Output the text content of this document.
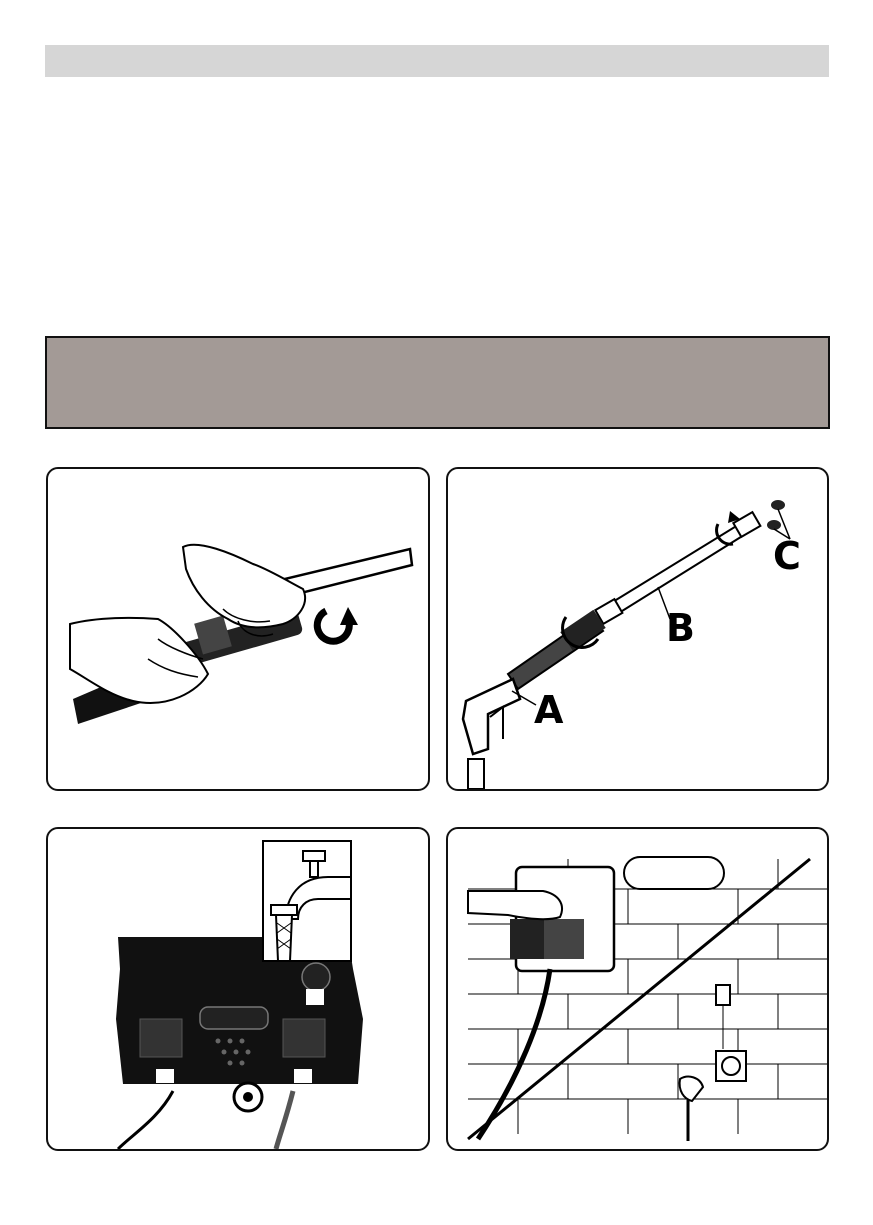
A
B
C
